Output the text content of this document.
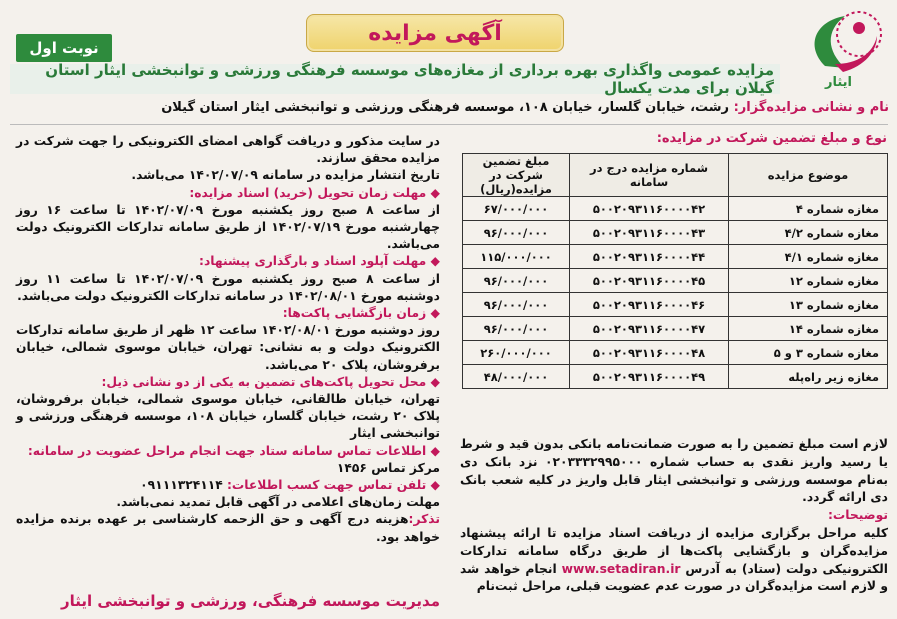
آگهی مزایده
نوبت اول
ایثار
مزایده عمومی واگذاری بهره برداری از مغازه‌های موسسه فرهنگی ورزشی و توانبخشی ایثار استان گیلان برای مدت یکسال
نام و نشانی مزایده‌گزار: رشت، خیابان گلسار، خیابان ۱۰۸، موسسه فرهنگی ورزشی و توانبخشی ایثار استان گیلان
نوع و مبلغ تضمین شرکت در مزایده:
موضوع مزایده	شماره مزایده درج در سامانه	مبلغ تضمین شرکت در مزایده(ریال)
مغازه شماره ۴	۵۰۰۲۰۹۳۱۱۶۰۰۰۰۴۲	۶۷/۰۰۰/۰۰۰
مغازه شماره ۴/۲	۵۰۰۲۰۹۳۱۱۶۰۰۰۰۴۳	۹۶/۰۰۰/۰۰۰
مغازه شماره ۴/۱	۵۰۰۲۰۹۳۱۱۶۰۰۰۰۴۴	۱۱۵/۰۰۰/۰۰۰
مغازه شماره ۱۲	۵۰۰۲۰۹۳۱۱۶۰۰۰۰۴۵	۹۶/۰۰۰/۰۰۰
مغازه شماره ۱۳	۵۰۰۲۰۹۳۱۱۶۰۰۰۰۴۶	۹۶/۰۰۰/۰۰۰
مغازه شماره ۱۴	۵۰۰۲۰۹۳۱۱۶۰۰۰۰۴۷	۹۶/۰۰۰/۰۰۰
مغازه شماره ۳ و ۵	۵۰۰۲۰۹۳۱۱۶۰۰۰۰۴۸	۲۶۰/۰۰۰/۰۰۰
مغازه زیر راه‌پله	۵۰۰۲۰۹۳۱۱۶۰۰۰۰۴۹	۴۸/۰۰۰/۰۰۰

در سایت مذکور و دریافت گواهی امضای الکترونیکی را جهت شرکت در مزایده محقق سازند.

تاریخ انتشار مزایده در سامانه ۱۴۰۲/۰۷/۰۹ می‌باشد.

◆ مهلت زمان تحویل (خرید) اسناد مزایده:

از ساعت ۸ صبح روز یکشنبه مورخ ۱۴۰۲/۰۷/۰۹ تا ساعت ۱۶ روز چهارشنبه مورخ ۱۴۰۲/۰۷/۱۹ از طریق سامانه تدارکات الکترونیک دولت می‌باشد.

◆ مهلت آپلود اسناد و بارگذاری پیشنهاد:

از ساعت ۸ صبح روز یکشنبه مورخ ۱۴۰۲/۰۷/۰۹ تا ساعت ۱۱ روز دوشنبه مورخ ۱۴۰۲/۰۸/۰۱ در سامانه تدارکات الکترونیک دولت می‌باشد.

◆ زمان بازگشایی پاکت‌ها:

روز دوشنبه مورخ ۱۴۰۲/۰۸/۰۱ ساعت ۱۲ ظهر از طریق سامانه تدارکات الکترونیک دولت و به نشانی: تهران، خیابان موسوی شمالی، خیابان برفروشان، پلاک ۲۰ می‌باشد.

◆ محل تحویل پاکت‌های تضمین به یکی از دو نشانی ذیل:

تهران، خیابان طالقانی، خیابان موسوی شمالی، خیابان برفروشان، پلاک ۲۰ رشت، خیابان گلسار، خیابان ۱۰۸، موسسه فرهنگی ورزشی و توانبخشی ایثار

◆ اطلاعات تماس سامانه ستاد جهت انجام مراحل عضویت در سامانه:

مرکز تماس ۱۴۵۶

◆ تلفن تماس جهت کسب اطلاعات: ۰۹۱۱۱۳۲۴۱۱۴

مهلت زمان‌های اعلامی در آگهی قابل تمدید نمی‌باشد.

تذکر:هزینه درج آگهی و حق الزحمه کارشناسی بر عهده برنده مزایده خواهد بود.

لازم است مبلغ تضمین را به صورت ضمانت‌نامه بانکی بدون قید و شرط یا رسید واریز نقدی به حساب شماره ۰۲۰۳۳۳۲۹۹۵۰۰۰ نزد بانک دی به‌نام موسسه ورزشی و توانبخشی ایثار قابل واریز در کلیه شعب بانک دی ارائه گردد.

توضیحات:

کلیه مراحل برگزاری مزایده از دریافت اسناد مزایده تا ارائه پیشنهاد مزایده‌گران و بازگشایی پاکت‌ها از طریق درگاه سامانه تدارکات الکترونیکی دولت (ستاد) به آدرس www.setadiran.ir انجام خواهد شد و لازم است مزایده‌گران در صورت عدم عضویت قبلی، مراحل ثبت‌نام

مدیریت موسسه فرهنگی، ورزشی و توانبخشی ایثار
